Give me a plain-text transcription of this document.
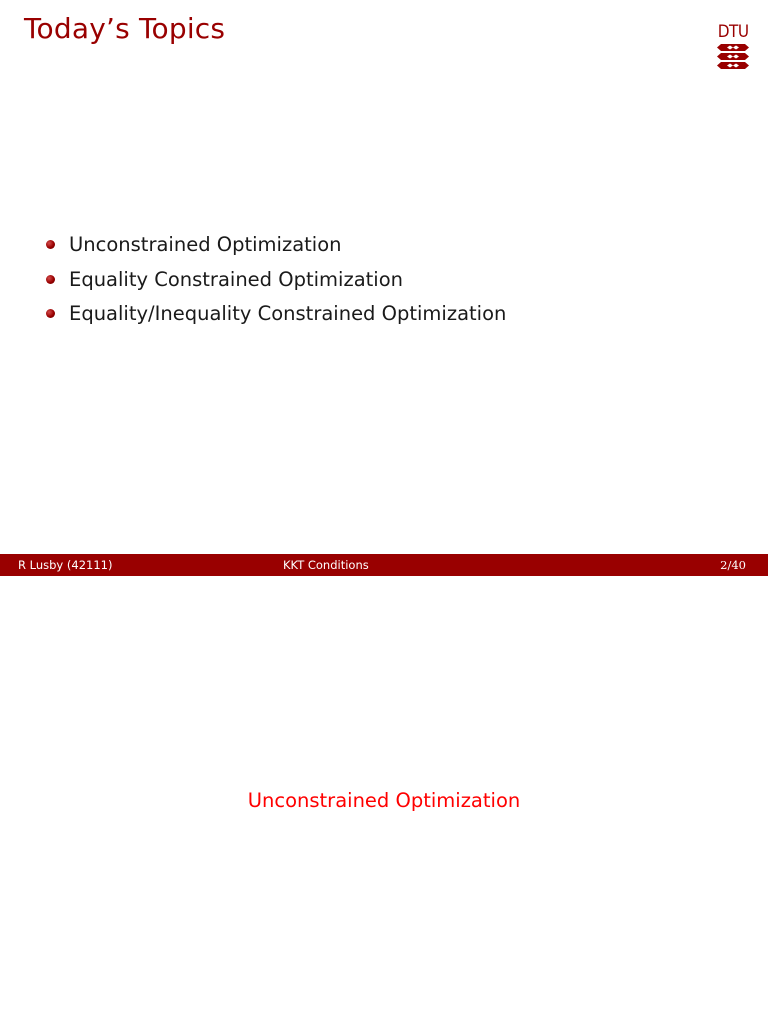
Today’s Topics	DTU
Unconstrained Optimization
Equality Constrained Optimization
Equality/Inequality Constrained Optimization
R Lusby (42111)	KKT Conditions	2/40
Unconstrained Optimization
